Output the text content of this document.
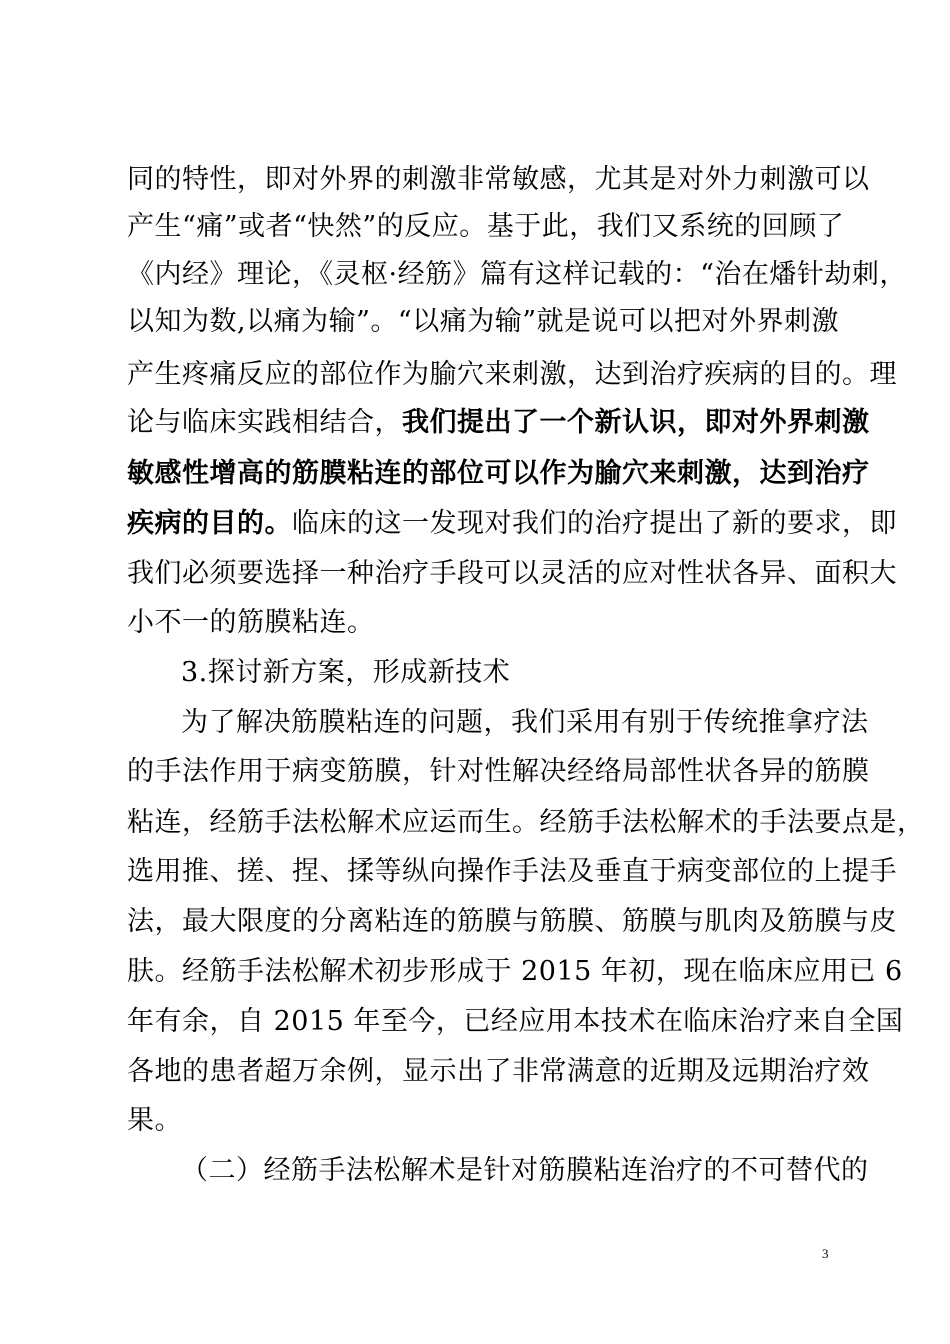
同的特性，即对外界的刺激非常敏感，尤其是对外力刺激可以
产生“痛”或者“快然”的反应。基于此，我们又系统的回顾了
《内经》理论，《灵枢·经筋》篇有这样记载的：“治在燔针劫刺，
以知为数,以痛为输”。“以痛为输”就是说可以把对外界刺激
产生疼痛反应的部位作为腧穴来刺激，达到治疗疾病的目的。理
论与临床实践相结合，我们提出了一个新认识，即对外界刺激
敏感性增高的筋膜粘连的部位可以作为腧穴来刺激，达到治疗
疾病的目的。临床的这一发现对我们的治疗提出了新的要求，即
我们必须要选择一种治疗手段可以灵活的应对性状各异、面积大
小不一的筋膜粘连。
3.探讨新方案，形成新技术
为了解决筋膜粘连的问题，我们采用有别于传统推拿疗法
的手法作用于病变筋膜，针对性解决经络局部性状各异的筋膜
粘连，经筋手法松解术应运而生。经筋手法松解术的手法要点是，
选用推、搓、捏、揉等纵向操作手法及垂直于病变部位的上提手
法，最大限度的分离粘连的筋膜与筋膜、筋膜与肌肉及筋膜与皮
肤。经筋手法松解术初步形成于 2015 年初，现在临床应用已 6
年有余，自 2015 年至今，已经应用本技术在临床治疗来自全国
各地的患者超万余例，显示出了非常满意的近期及远期治疗效
果。
（二）经筋手法松解术是针对筋膜粘连治疗的不可替代的
3
